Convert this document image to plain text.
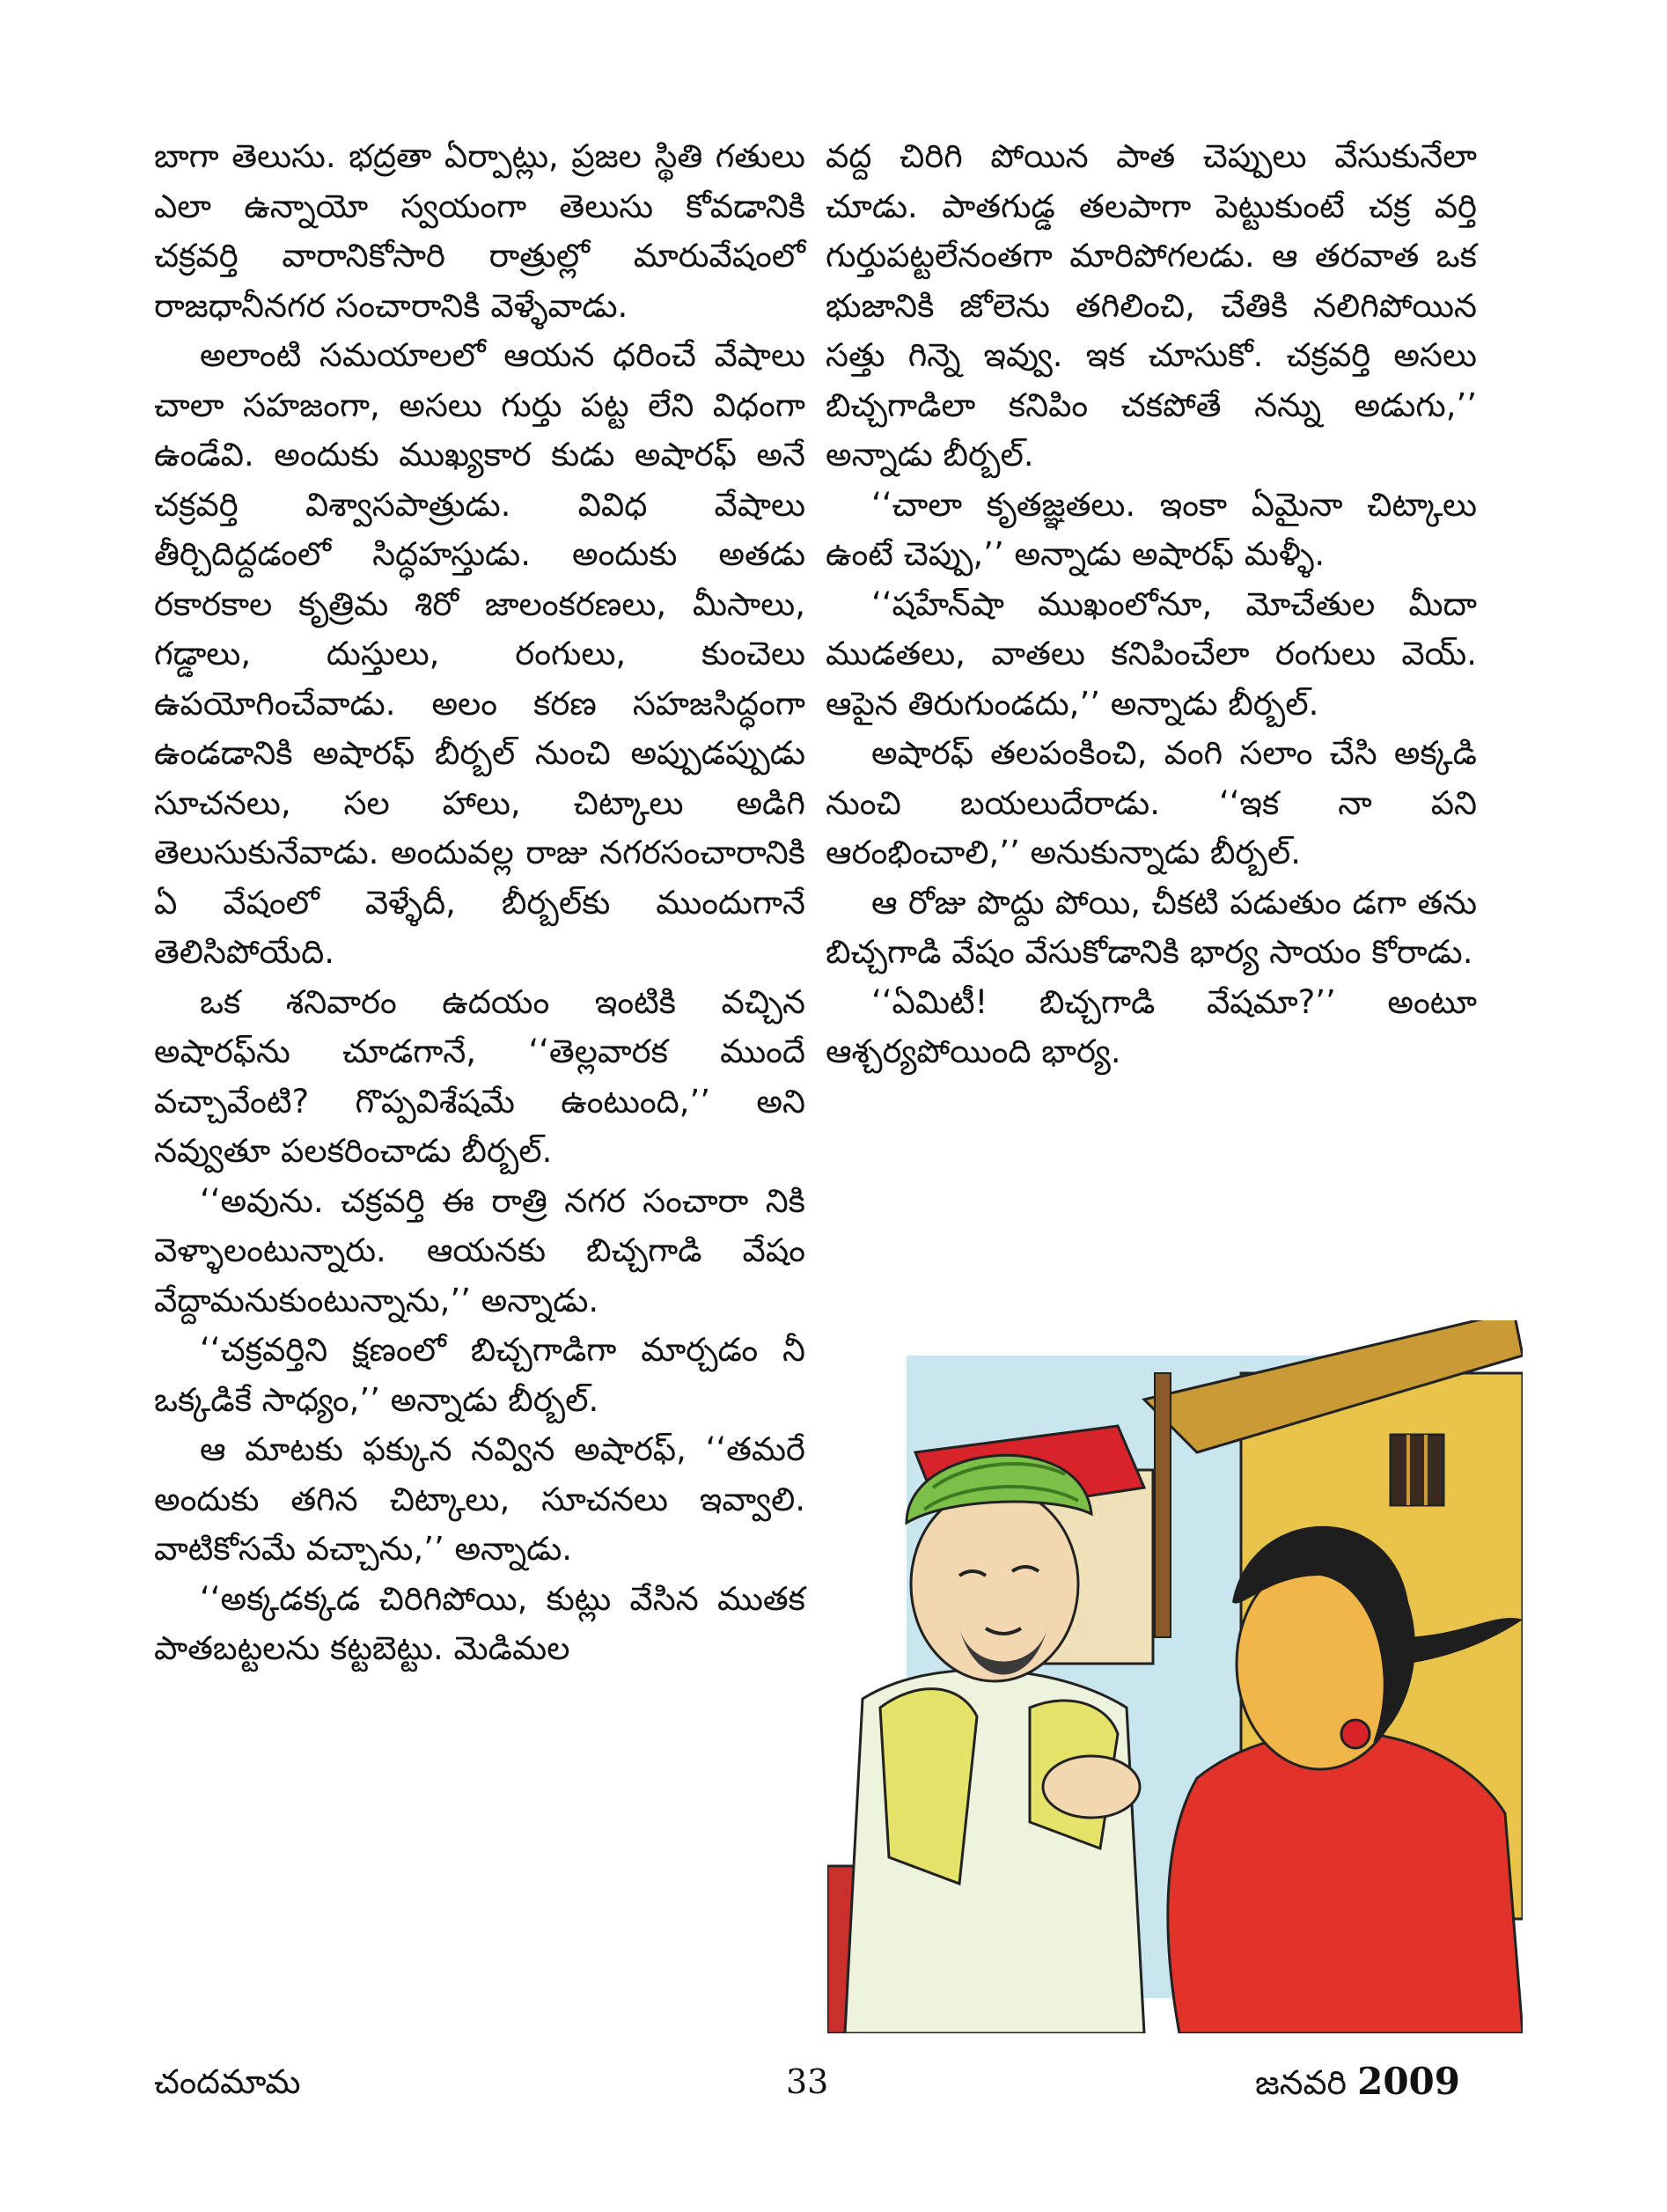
బాగా తెలుసు. భద్రతా ఏర్పాట్లు, ప్రజల స్థితి గతులు ఎలా ఉన్నాయో స్వయంగా తెలుసు కోవడానికి చక్రవర్తి వారానికోసారి రాత్రుల్లో మారువేషంలో రాజధానీనగర సంచారానికి వెళ్ళేవాడు.

అలాంటి సమయాలలో ఆయన ధరించే వేషాలు చాలా సహజంగా, అసలు గుర్తు పట్ట లేని విధంగా ఉండేవి. అందుకు ముఖ్యకార కుడు అషారఫ్ అనే చక్రవర్తి విశ్వాసపాత్రుడు. వివిధ వేషాలు తీర్చిదిద్దడంలో సిద్ధహస్తుడు. అందుకు అతడు రకారకాల కృత్రిమ శిరో జాలంకరణలు, మీసాలు, గడ్డాలు, దుస్తులు, రంగులు, కుంచెలు ఉపయోగించేవాడు. అలం కరణ సహజసిద్ధంగా ఉండడానికి అషారఫ్ బీర్బల్ నుంచి అప్పుడప్పుడు సూచనలు, సల హాలు, చిట్కాలు అడిగి తెలుసుకునేవాడు. అందువల్ల రాజు నగరసంచారానికి ఏ వేషంలో వెళ్ళేదీ, బీర్బల్‌కు ముందుగానే తెలిసిపోయేది.

ఒక శనివారం ఉదయం ఇంటికి వచ్చిన అషారఫ్‌ను చూడగానే, ‘‘తెల్లవారక ముందే వచ్చావేంటి? గొప్పవిశేషమే ఉంటుంది,’’ అని నవ్వుతూ పలకరించాడు బీర్బల్.

‘‘అవును. చక్రవర్తి ఈ రాత్రి నగర సంచారా నికి వెళ్ళాలంటున్నారు. ఆయనకు బిచ్చగాడి వేషం వేద్దామనుకుంటున్నాను,’’ అన్నాడు.

‘‘చక్రవర్తిని క్షణంలో బిచ్చగాడిగా మార్చడం నీ ఒక్కడికే సాధ్యం,’’ అన్నాడు బీర్బల్.

ఆ మాటకు ఫక్కున నవ్విన అషారఫ్, ‘‘తమరే అందుకు తగిన చిట్కాలు, సూచనలు ఇవ్వాలి. వాటికోసమే వచ్చాను,’’ అన్నాడు.

‘‘అక్కడక్కడ చిరిగిపోయి, కుట్లు వేసిన ముతక పాతబట్టలను కట్టబెట్టు. మెడిమల

వద్ద చిరిగి పోయిన పాత చెప్పులు వేసుకునేలా చూడు. పాతగుడ్డ తలపాగా పెట్టుకుంటే చక్ర వర్తి గుర్తుపట్టలేనంతగా మారిపోగలడు. ఆ తరవాత ఒక భుజానికి జోలెను తగిలించి, చేతికి నలిగిపోయిన సత్తు గిన్నె ఇవ్వు. ఇక చూసుకో. చక్రవర్తి అసలు బిచ్చగాడిలా కనిపిం చకపోతే నన్ను అడుగు,’’ అన్నాడు బీర్బల్.

‘‘చాలా కృతజ్ఞతలు. ఇంకా ఏమైనా చిట్కాలు ఉంటే చెప్పు,’’ అన్నాడు అషారఫ్ మళ్ళీ.

‘‘షహేన్‌షా ముఖంలోనూ, మోచేతుల మీదా ముడతలు, వాతలు కనిపించేలా రంగులు వెయ్. ఆపైన తిరుగుండదు,’’ అన్నాడు బీర్బల్.

అషారఫ్ తలపంకించి, వంగి సలాం చేసి అక్కడి నుంచి బయలుదేరాడు. ‘‘ఇక నా పని ఆరంభించాలి,’’ అనుకున్నాడు బీర్బల్.

ఆ రోజు పొద్దు పోయి, చీకటి పడుతుం డగా తను బిచ్చగాడి వేషం వేసుకోడానికి భార్య సాయం కోరాడు.

‘‘ఏమిటీ! బిచ్చగాడి వేషమా?’’ అంటూ ఆశ్చర్యపోయింది భార్య.

చందమామ	33	జనవరి 2009
